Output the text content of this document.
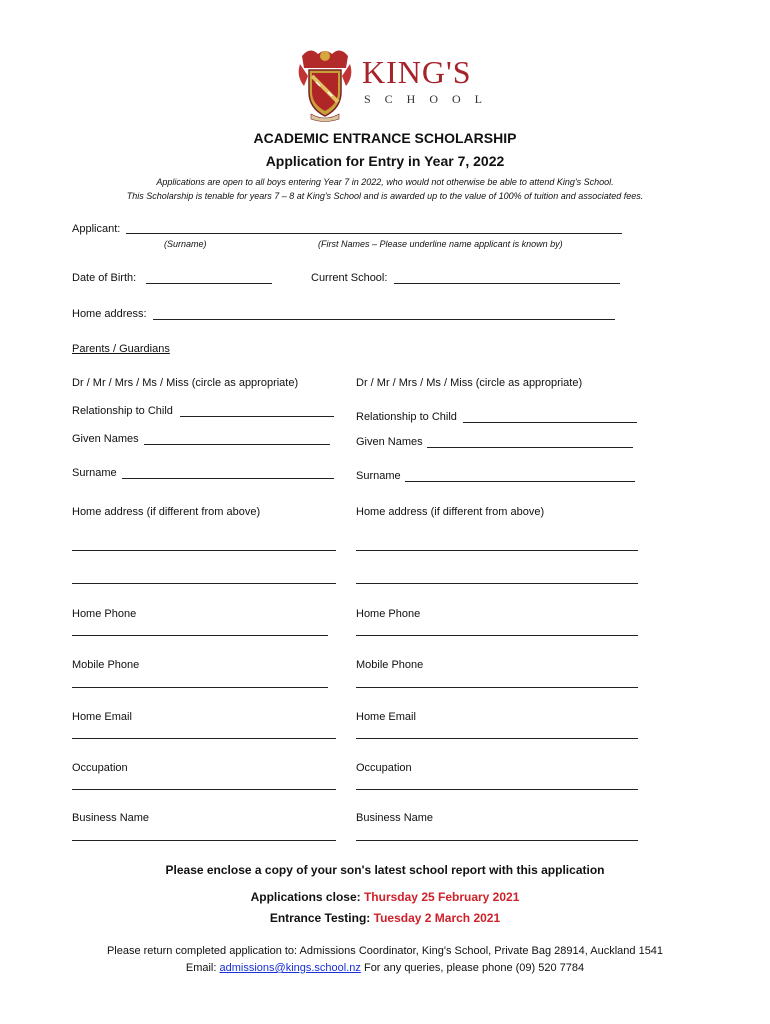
KING'S
SCHOOL
ACADEMIC ENTRANCE SCHOLARSHIP
Application for Entry in Year 7, 2022
Applications are open to all boys entering Year 7 in 2022, who would not otherwise be able to attend King's School.
This Scholarship is tenable for years 7 – 8 at King's School and is awarded up to the value of 100% of tuition and associated fees.
Applicant:
(Surname)	(First Names – Please underline name applicant is known by)
Date of Birth:	Current School:
Home address:
Parents / Guardians
Dr / Mr / Mrs / Ms / Miss (circle as appropriate)
Relationship to Child
Given Names
Surname
Home address (if different from above)
Home Phone
Mobile Phone
Home Email
Occupation
Business Name
Dr / Mr / Mrs / Ms / Miss (circle as appropriate)
Relationship to Child
Given Names
Surname
Home address (if different from above)
Home Phone
Mobile Phone
Home Email
Occupation
Business Name
Please enclose a copy of your son's latest school report with this application
Applications close: Thursday 25 February 2021
Entrance Testing: Tuesday 2 March 2021
Please return completed application to: Admissions Coordinator, King's School, Private Bag 28914, Auckland 1541
Email: admissions@kings.school.nz For any queries, please phone (09) 520 7784
